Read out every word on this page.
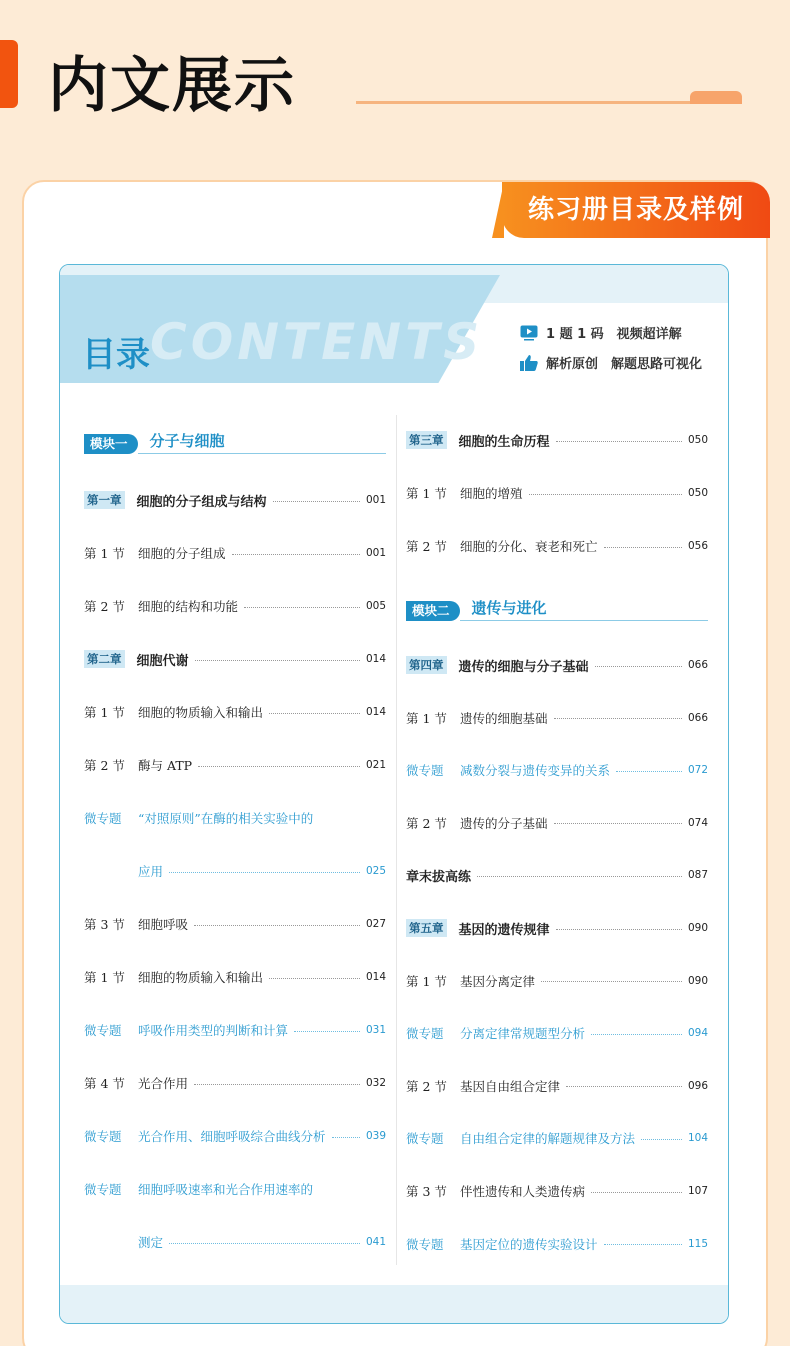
内文展示
练习册目录及样例
CONTENTS
目录
1 题 1 码　视频超详解
解析原创　解题思路可视化
模块一	分子与细胞
第一章 细胞的分子组成与结构	001
第 1 节	细胞的分子组成	001
第 2 节	细胞的结构和功能	005
第二章 细胞代谢	014
第 1 节	细胞的物质输入和输出	014
第 2 节	酶与 ATP	021
微专题	“对照原则”在酶的相关实验中的
应用	025
第 3 节	细胞呼吸	027
第 1 节	细胞的物质输入和输出	014
微专题	呼吸作用类型的判断和计算	031
第 4 节	光合作用	032
微专题	光合作用、细胞呼吸综合曲线分析	039
微专题	细胞呼吸速率和光合作用速率的
测定	041
第三章 细胞的生命历程	050
第 1 节	细胞的增殖	050
第 2 节	细胞的分化、衰老和死亡	056
模块二	遗传与进化
第四章 遗传的细胞与分子基础	066
第 1 节	遗传的细胞基础	066
微专题	减数分裂与遗传变异的关系	072
第 2 节	遗传的分子基础	074
章末拔高练	087
第五章 基因的遗传规律	090
第 1 节	基因分离定律	090
微专题	分离定律常规题型分析	094
第 2 节	基因自由组合定律	096
微专题	自由组合定律的解题规律及方法	104
第 3 节	伴性遗传和人类遗传病	107
微专题	基因定位的遗传实验设计	115
